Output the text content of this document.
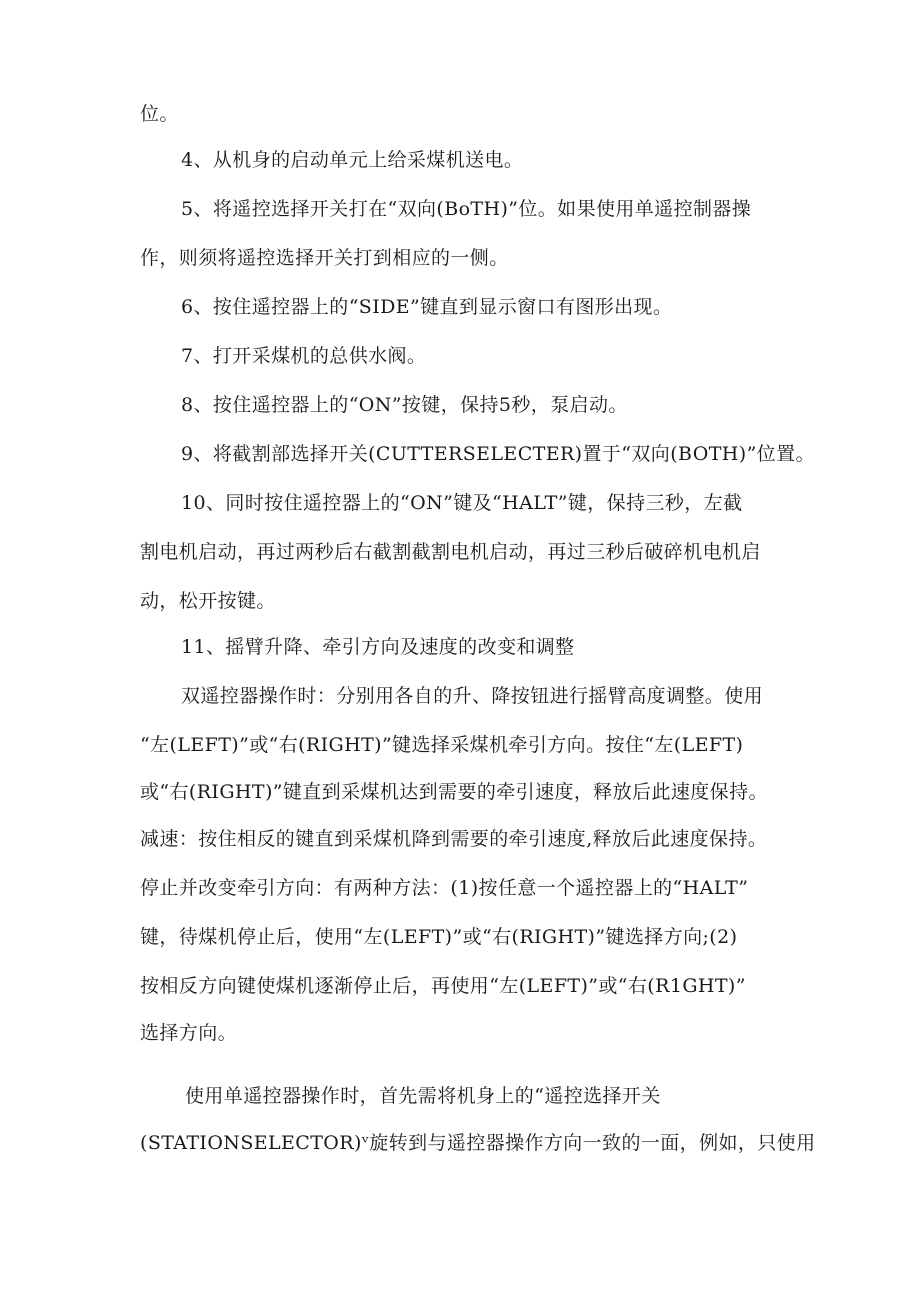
位。

4、从机身的启动单元上给采煤机送电。

5、将遥控选择开关打在“双向(BoTH)”位。如果使用单遥控制器操

作，则须将遥控选择开关打到相应的一侧。

6、按住遥控器上的“SIDE”键直到显示窗口有图形出现。

7、打开采煤机的总供水阀。

8、按住遥控器上的“ON”按键，保持5秒，泵启动。

9、将截割部选择开关(CUTTERSELECTER)置于“双向(BOTH)”位置。

10、同时按住遥控器上的“ON”键及“HALT”键，保持三秒，左截

割电机启动，再过两秒后右截割截割电机启动，再过三秒后破碎机电机启

动，松开按键。

11、摇臂升降、牵引方向及速度的改变和调整

双遥控器操作时：分别用各自的升、降按钮进行摇臂高度调整。使用

“左(LEFT)”或“右(RIGHT)”键选择采煤机牵引方向。按住“左(LEFT)

或“右(RIGHT)”键直到采煤机达到需要的牵引速度，释放后此速度保持。

减速：按住相反的键直到采煤机降到需要的牵引速度,释放后此速度保持。

停止并改变牵引方向：有两种方法：(1)按任意一个遥控器上的“HALT”

键，待煤机停止后，使用“左(LEFT)”或“右(RIGHT)”键选择方向;(2)

按相反方向键使煤机逐渐停止后，再使用“左(LEFT)”或“右(R1GHT)”

选择方向。

使用单遥控器操作时，首先需将机身上的“遥控选择开关

(STATIONSELECTOR)ᵛ旋转到与遥控器操作方向一致的一面，例如，只使用
